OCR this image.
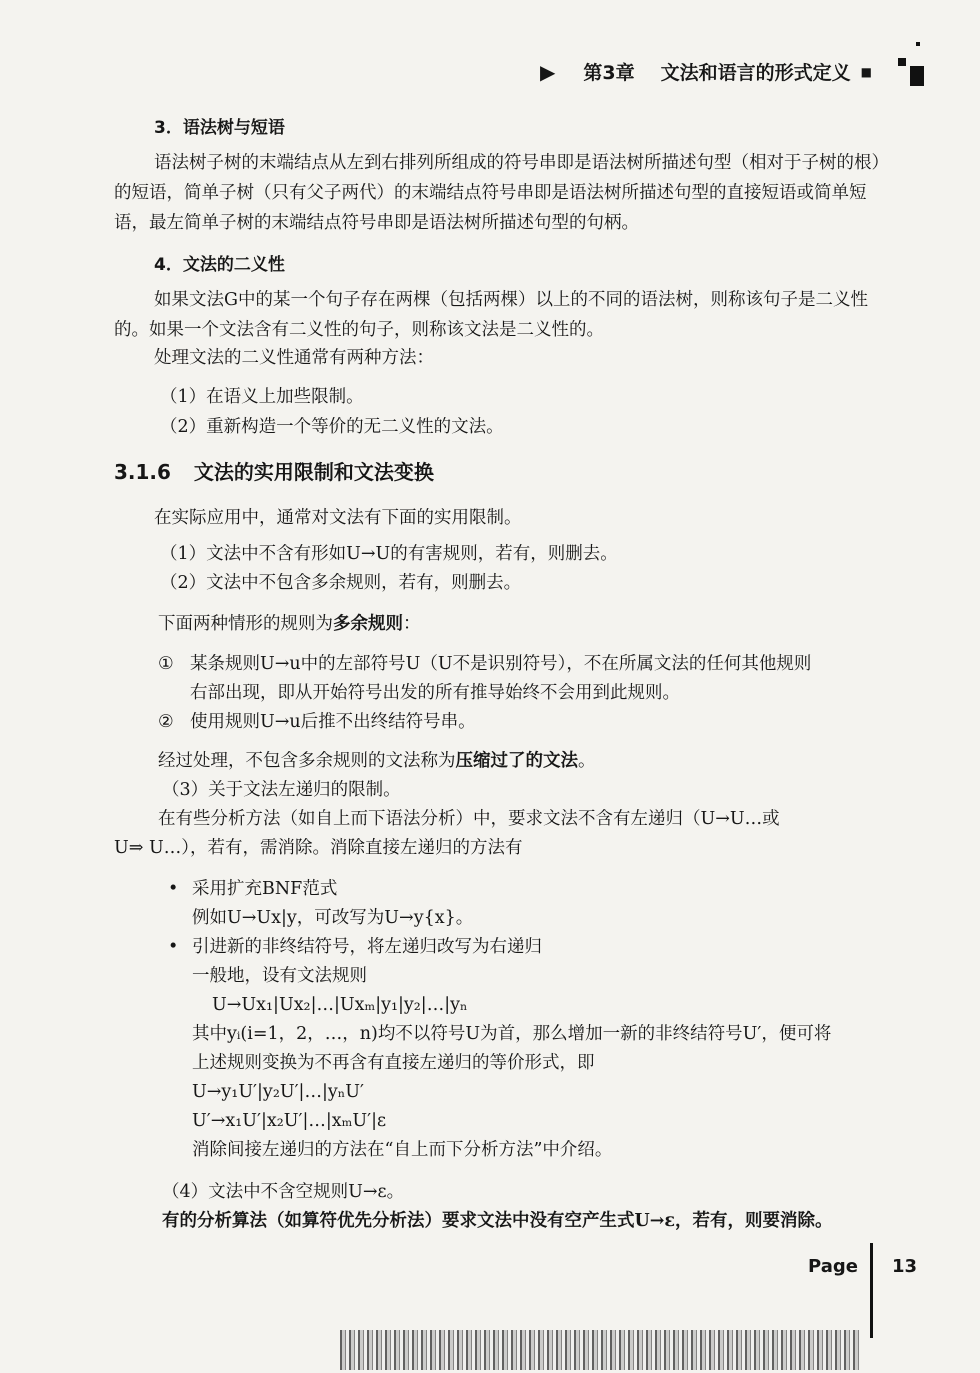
▶ 第3章 文法和语言的形式定义 ■
3．语法树与短语
语法树子树的末端结点从左到右排列所组成的符号串即是语法树所描述句型（相对于子树的根）的短语，简单子树（只有父子两代）的末端结点符号串即是语法树所描述句型的直接短语或简单短语，最左简单子树的末端结点符号串即是语法树所描述句型的句柄。
4．文法的二义性
如果文法G中的某一个句子存在两棵（包括两棵）以上的不同的语法树，则称该句子是二义性的。如果一个文法含有二义性的句子，则称该文法是二义性的。
处理文法的二义性通常有两种方法：
（1）在语义上加些限制。
（2）重新构造一个等价的无二义性的文法。
3.1.6 文法的实用限制和文法变换
在实际应用中，通常对文法有下面的实用限制。
（1）文法中不含有形如U→U的有害规则，若有，则删去。
（2）文法中不包含多余规则，若有，则删去。
下面两种情形的规则为多余规则：
① 某条规则U→u中的左部符号U（U不是识别符号），不在所属文法的任何其他规则
右部出现，即从开始符号出发的所有推导始终不会用到此规则。
② 使用规则U→u后推不出终结符号串。
经过处理，不包含多余规则的文法称为压缩过了的文法。
（3）关于文法左递归的限制。
在有些分析方法（如自上而下语法分析）中，要求文法不含有左递归（U→U…或
U⇒ U…），若有，需消除。消除直接左递归的方法有
• 采用扩充BNF范式
例如U→Ux|y，可改写为U→y{x}。
• 引进新的非终结符号，将左递归改写为右递归
一般地，设有文法规则
U→Ux₁|Ux₂|…|Uxₘ|y₁|y₂|…|yₙ
其中yᵢ(i=1，2，…，n)均不以符号U为首，那么增加一新的非终结符号U′，便可将
上述规则变换为不再含有直接左递归的等价形式，即
U→y₁U′|y₂U′|…|yₙU′
U′→x₁U′|x₂U′|…|xₘU′|ε
消除间接左递归的方法在“自上而下分析方法”中介绍。
（4）文法中不含空规则U→ε。
有的分析算法（如算符优先分析法）要求文法中没有空产生式U→ε，若有，则要消除。
Page 13
